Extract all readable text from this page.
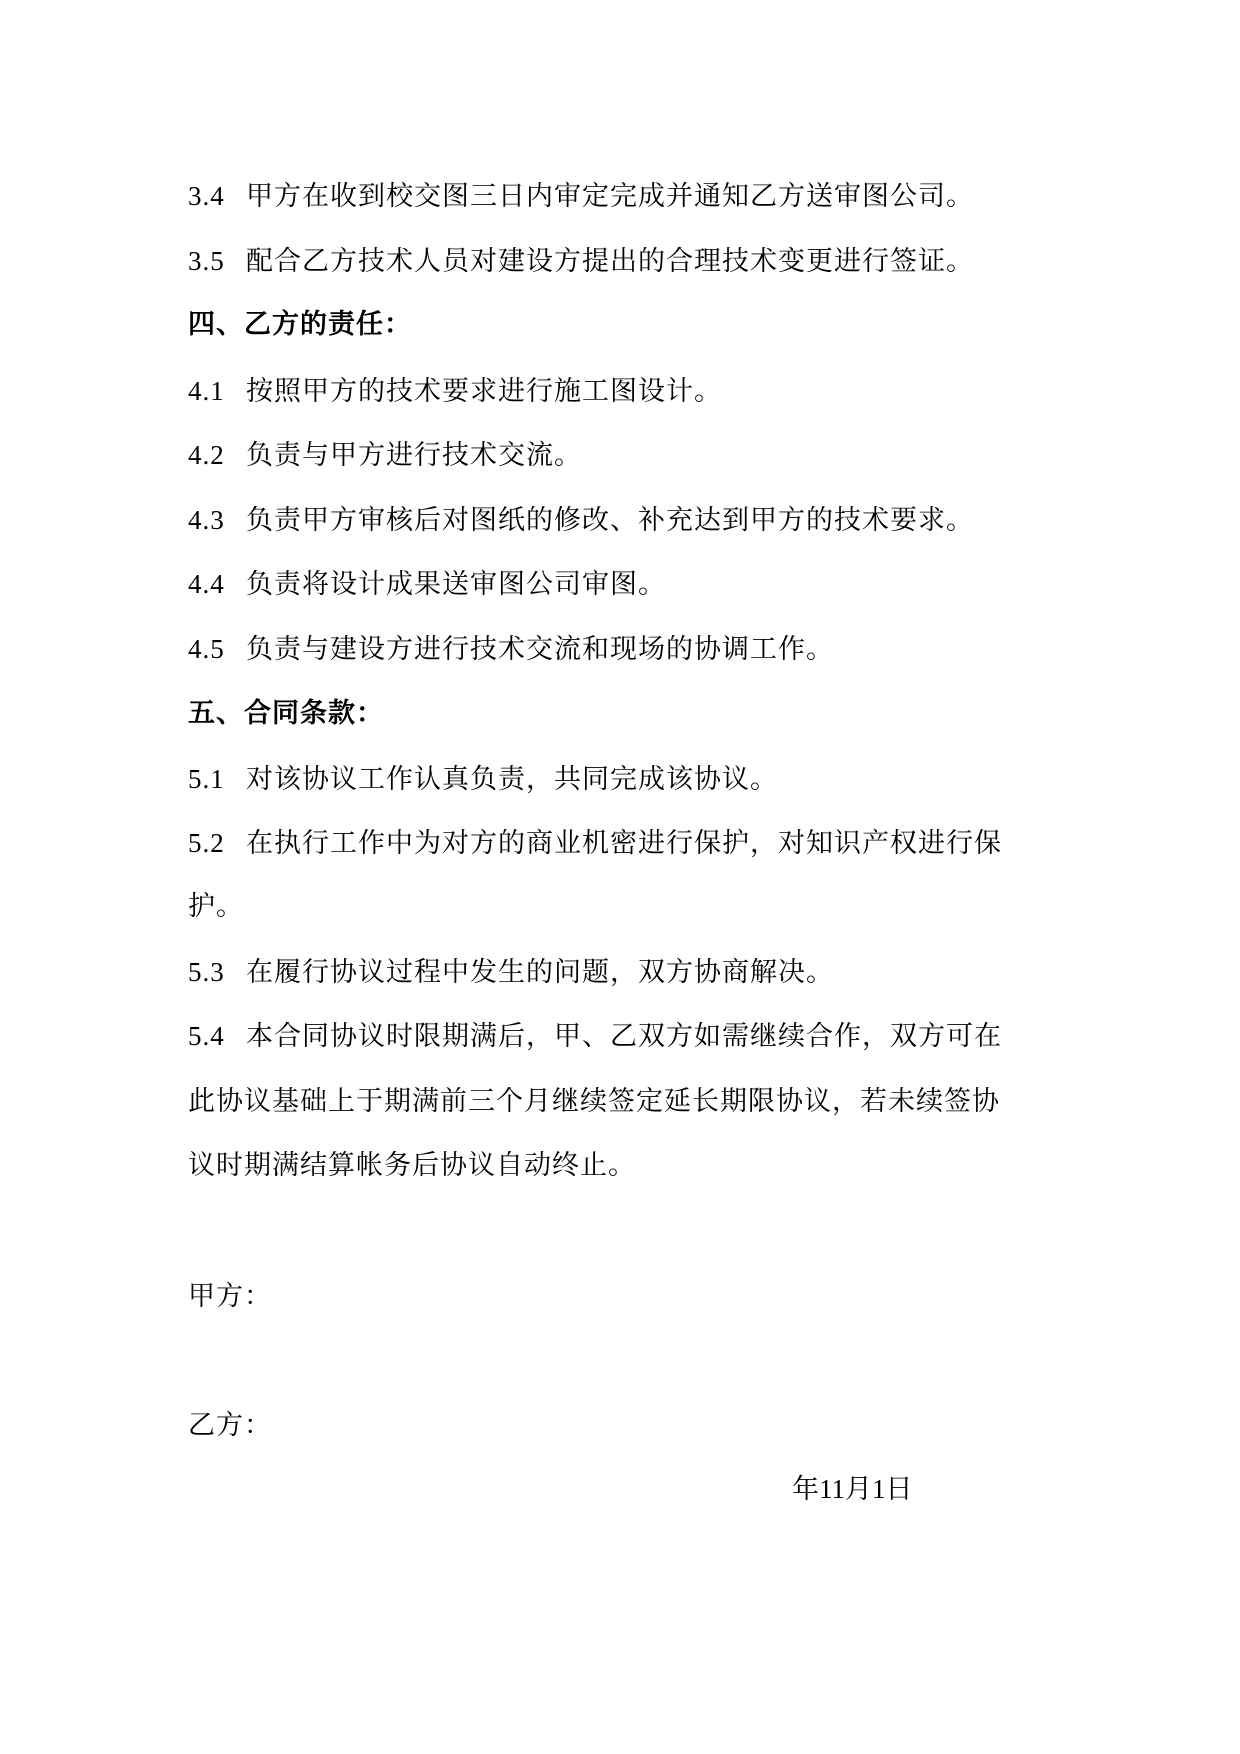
3.4 甲方在收到校交图三日内审定完成并通知乙方送审图公司。
3.5 配合乙方技术人员对建设方提出的合理技术变更进行签证。
四、乙方的责任：
4.1 按照甲方的技术要求进行施工图设计。
4.2 负责与甲方进行技术交流。
4.3 负责甲方审核后对图纸的修改、补充达到甲方的技术要求。
4.4 负责将设计成果送审图公司审图。
4.5 负责与建设方进行技术交流和现场的协调工作。
五、合同条款：
5.1 对该协议工作认真负责，共同完成该协议。
5.2 在执行工作中为对方的商业机密进行保护，对知识产权进行保
护。
5.3 在履行协议过程中发生的问题，双方协商解决。
5.4 本合同协议时限期满后，甲、乙双方如需继续合作，双方可在
此协议基础上于期满前三个月继续签定延长期限协议，若未续签协
议时期满结算帐务后协议自动终止。
甲方：
乙方：
年11月1日
